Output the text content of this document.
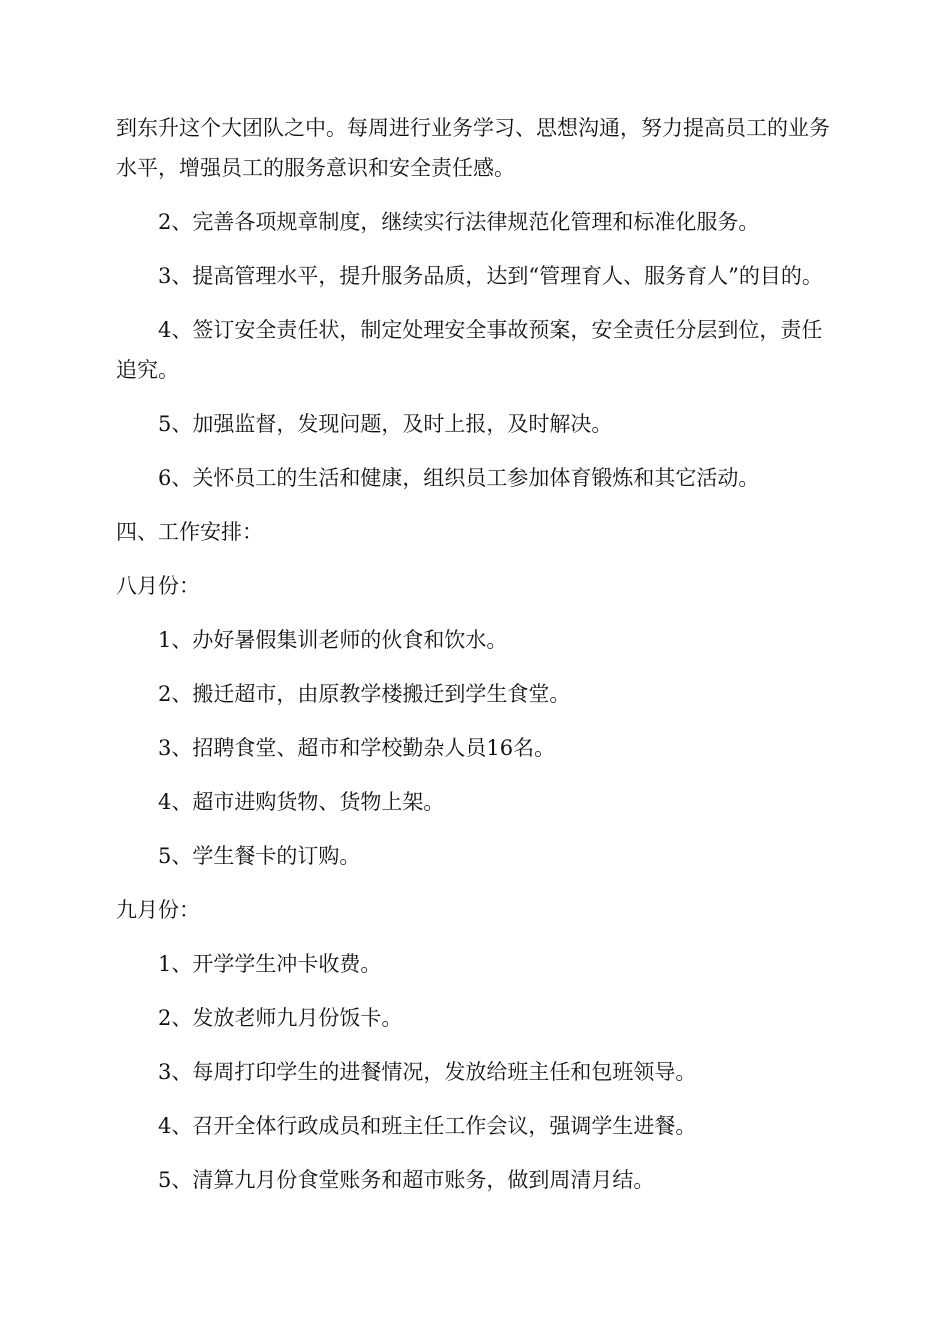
到东升这个大团队之中。每周进行业务学习、思想沟通，努力提高员工的业务水平，增强员工的服务意识和安全责任感。

2、完善各项规章制度，继续实行法律规范化管理和标准化服务。

3、提高管理水平，提升服务品质，达到“管理育人、服务育人”的目的。

4、签订安全责任状，制定处理安全事故预案，安全责任分层到位，责任追究。

5、加强监督，发现问题，及时上报，及时解决。

6、关怀员工的生活和健康，组织员工参加体育锻炼和其它活动。

四、工作安排：

八月份：

1、办好暑假集训老师的伙食和饮水。

2、搬迁超市，由原教学楼搬迁到学生食堂。

3、招聘食堂、超市和学校勤杂人员16名。

4、超市进购货物、货物上架。

5、学生餐卡的订购。

九月份：

1、开学学生冲卡收费。

2、发放老师九月份饭卡。

3、每周打印学生的进餐情况，发放给班主任和包班领导。

4、召开全体行政成员和班主任工作会议，强调学生进餐。

5、清算九月份食堂账务和超市账务，做到周清月结。
